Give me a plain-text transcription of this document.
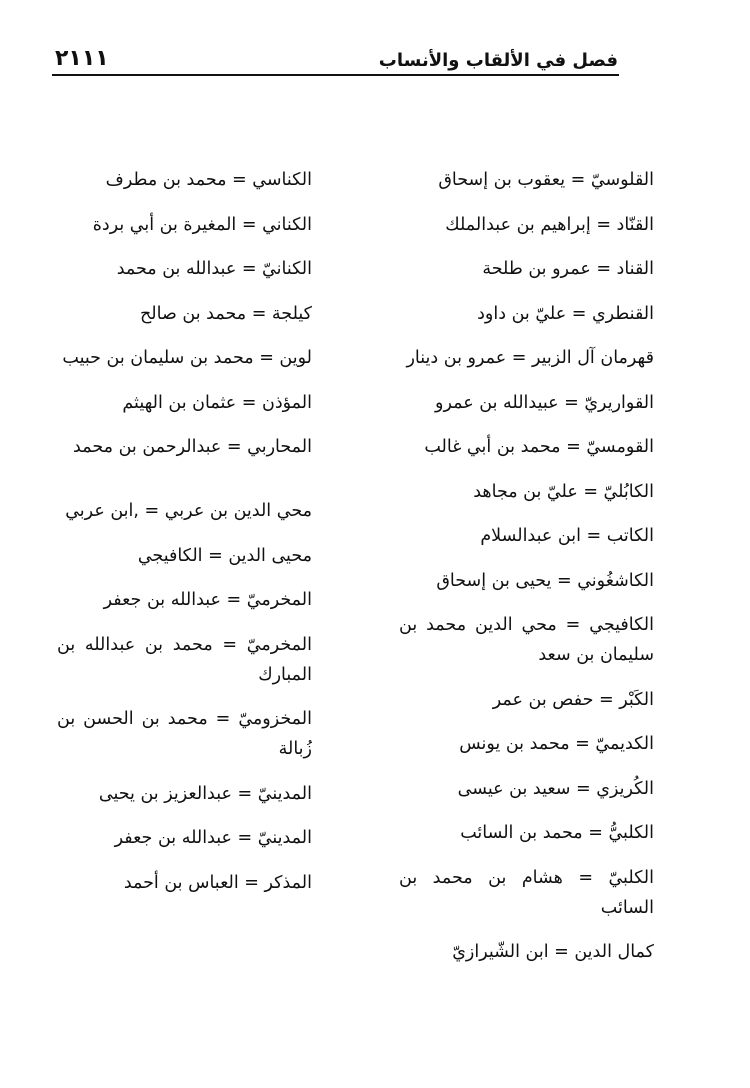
٢١١١	فصل في الألقاب والأنساب

القلوسيّ = يعقوب بن إسحاق

القنّاد = إبراهيم بن عبدالملك

القناد = عمرو بن طلحة

القنطري = عليّ بن داود

قهرمان آل الزبير = عمرو بن دينار

القواريريّ = عبيدالله بن عمرو

القومسيّ = محمد بن أبي غالب

الكابُليّ = عليّ بن مجاهد

الكاتب = ابن عبدالسلام

الكاشغُوني = يحيى بن إسحاق

الكافيجي = محي الدين محمد بن سليمان بن سعد

الكَبْر = حفص بن عمر

الكديميّ = محمد بن يونس

الكُريزي = سعيد بن عيسى

الكلبيُّ = محمد بن السائب

الكلبيّ = هشام بن محمد بن السائب

كمال الدين = ابن الشّيرازيّ

الكناسي = محمد بن مطرف

الكناني = المغيرة بن أبي بردة

الكنانيّ = عبدالله بن محمد

كيلجة = محمد بن صالح

لوين = محمد بن سليمان بن حبيب

المؤذن = عثمان بن الهيثم

المحاربي = عبدالرحمن بن محمد

محي الدين بن عربي = ,ابن عربي

محيى الدين = الكافيجي

المخرميّ = عبدالله بن جعفر

المخرميّ = محمد بن عبدالله بن المبارك

المخزوميّ = محمد بن الحسن بن زُبالة

المدينيّ = عبدالعزيز بن يحيى

المدينيّ = عبدالله بن جعفر

المذكر = العباس بن أحمد
